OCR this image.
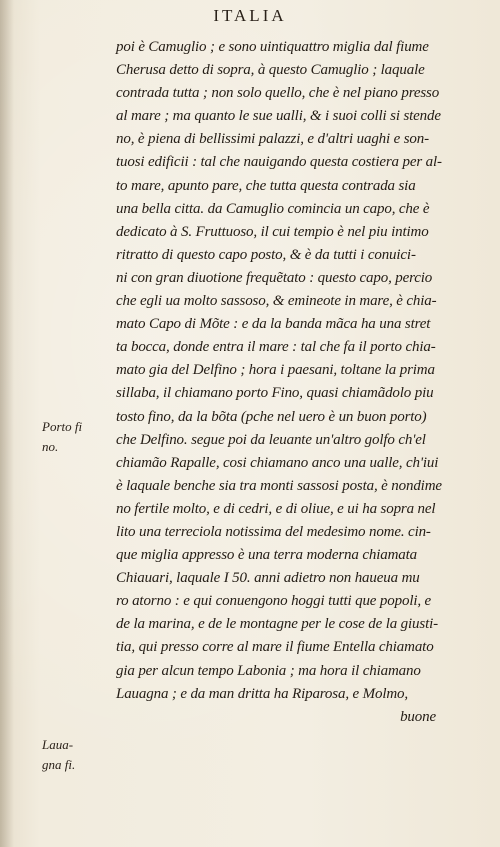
ITALIA
poi è Camuglio ; e sono uintiquattro miglia dal fiume
Cherusa detto di sopra, à questo Camuglio ; laquale
contrada tutta ; non solo quello, che è nel piano presso
al mare ; ma quanto le sue ualli, & i suoi colli si stende
no, è piena di bellissimi palazzi, e d'altri uaghi e son-
tuosi edificii : tal che nauigando questa costiera per al-
to mare, apunto pare, che tutta questa contrada sia
una bella citta. da Camuglio comincia un capo, che è
dedicato à S. Fruttuoso, il cui tempio è nel piu intimo
ritratto di questo capo posto, & è da tutti i conuici-
ni con gran diuotione frequẽtato : questo capo, percio
che egli ua molto sassoso, & emineote in mare, è chia-
mato Capo di Mõte : e da la banda mãca ha una stret
ta bocca, donde entra il mare : tal che fa il porto chia-
mato gia del Delfino ; hora i paesani, toltane la prima
sillaba, il chiamano porto Fino, quasi chiamãdolo piu
tosto fino, da la bõta (pche nel uero è un buon porto)
che Delfino. segue poi da leuante un'altro golfo ch'el
chiamão Rapalle, cosi chiamano anco una ualle, ch'iui
è laquale benche sia tra monti sassosi posta, è nondime
no fertile molto, e di cedri, e di oliue, e ui ha sopra nel
lito una terreciola notissima del medesimo nome. cin-
que miglia appresso è una terra moderna chiamata
Chiauari, laquale I 50. anni adietro non haueua mu
ro atorno : e qui conuengono hoggi tutti que popoli, e
de la marina, e de le montagne per le cose de la giusti-
tia, qui presso corre al mare il fiume Entella chiamato
gia per alcun tempo Labonia ; ma hora il chiamano
Lauagna ; e da man dritta ha Riparosa, e Molmo,
buone
Porto fi
no.
Laua-
gna fi.
